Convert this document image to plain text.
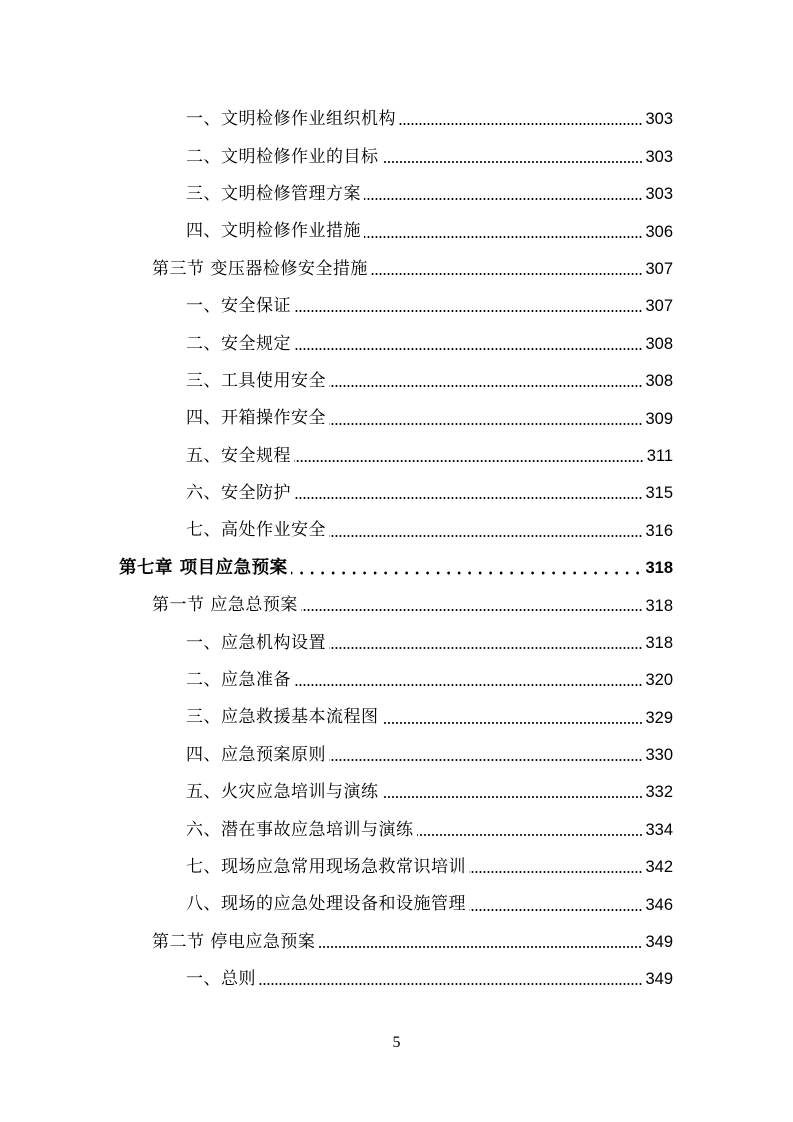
一、文明检修作业组织机构	303
二、文明检修作业的目标	303
三、文明检修管理方案	303
四、文明检修作业措施	306
第三节 变压器检修安全措施	307
一、安全保证	307
二、安全规定	308
三、工具使用安全	308
四、开箱操作安全	309
五、安全规程	311
六、安全防护	315
七、高处作业安全	316
第七章 项目应急预案	318
第一节 应急总预案	318
一、应急机构设置	318
二、应急准备	320
三、应急救援基本流程图	329
四、应急预案原则	330
五、火灾应急培训与演练	332
六、潜在事故应急培训与演练	334
七、现场应急常用现场急救常识培训	342
八、现场的应急处理设备和设施管理	346
第二节 停电应急预案	349
一、总则	349
5
